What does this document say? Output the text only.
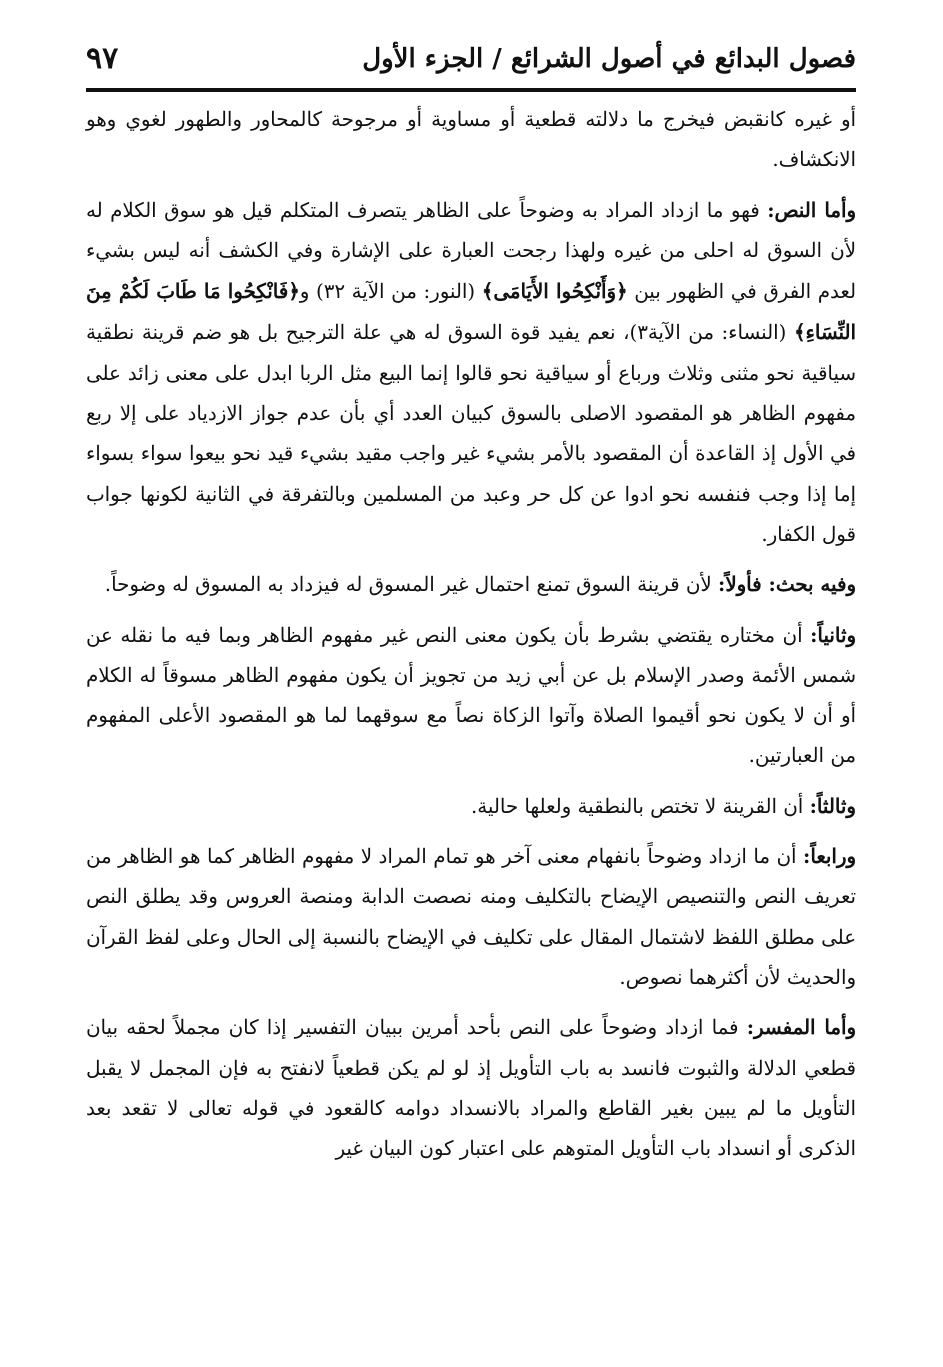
٩٧	فصول البدائع في أصول الشرائع / الجزء الأول

أو غيره كانقبض فيخرج ما دلالته قطعية أو مساوية أو مرجوحة كالمحاور والطهور لغوي وهو الانكشاف.

وأما النص: فهو ما ازداد المراد به وضوحاً على الظاهر يتصرف المتكلم قيل هو سوق الكلام له لأن السوق له احلى من غيره ولهذا رجحت العبارة على الإشارة وفي الكشف أنه ليس بشيء لعدم الفرق في الظهور بين ﴿وَأَنْكِحُوا الأَيَامَى﴾ (النور: من الآية ٣٢) و﴿فَانْكِحُوا مَا طَابَ لَكُمْ مِنَ النِّسَاءِ﴾ (النساء: من الآية٣)، نعم يفيد قوة السوق له هي علة الترجيح بل هو ضم قرينة نطقية سياقية نحو مثنى وثلاث ورباع أو سياقية نحو قالوا إنما البيع مثل الربا ابدل على معنى زائد على مفهوم الظاهر هو المقصود الاصلى بالسوق كبيان العدد أي بأن عدم جواز الازدياد على إلا ربع في الأول إذ القاعدة أن المقصود بالأمر بشيء غير واجب مقيد بشيء قيد نحو بيعوا سواء بسواء إما إذا وجب فنفسه نحو ادوا عن كل حر وعبد من المسلمين وبالتفرقة في الثانية لكونها جواب قول الكفار.

وفيه بحث: فأولاً: لأن قرينة السوق تمنع احتمال غير المسوق له فيزداد به المسوق له وضوحاً.

وثانياً: أن مختاره يقتضي بشرط بأن يكون معنى النص غير مفهوم الظاهر وبما فيه ما نقله عن شمس الأئمة وصدر الإسلام بل عن أبي زيد من تجويز أن يكون مفهوم الظاهر مسوقاً له الكلام أو أن لا يكون نحو أقيموا الصلاة وآتوا الزكاة نصاً مع سوقهما لما هو المقصود الأعلى المفهوم من العبارتين.

وثالثاً: أن القرينة لا تختص بالنطقية ولعلها حالية.

ورابعاً: أن ما ازداد وضوحاً بانفهام معنى آخر هو تمام المراد لا مفهوم الظاهر كما هو الظاهر من تعريف النص والتنصيص الإيضاح بالتكليف ومنه نصصت الدابة ومنصة العروس وقد يطلق النص على مطلق اللفظ لاشتمال المقال على تكليف في الإيضاح بالنسبة إلى الحال وعلى لفظ القرآن والحديث لأن أكثرهما نصوص.

وأما المفسر: فما ازداد وضوحاً على النص بأحد أمرين ببيان التفسير إذا كان مجملاً لحقه بيان قطعي الدلالة والثبوت فانسد به باب التأويل إذ لو لم يكن قطعياً لانفتح به فإن المجمل لا يقبل التأويل ما لم يبين بغير القاطع والمراد بالانسداد دوامه كالقعود في قوله تعالى لا تقعد بعد الذكرى أو انسداد باب التأويل المتوهم على اعتبار كون البيان غير
